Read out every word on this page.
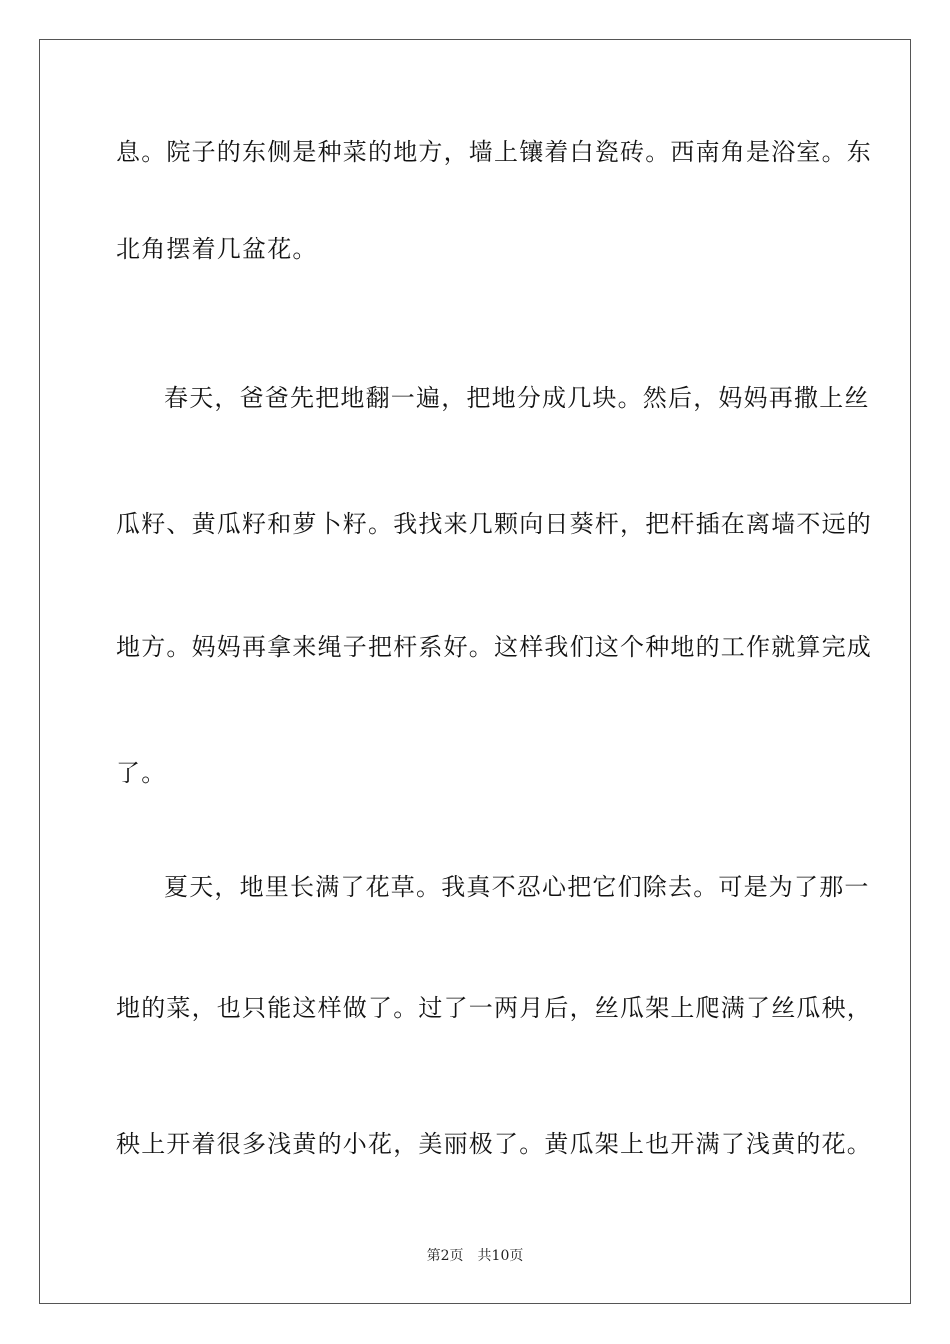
息。院子的东侧是种菜的地方，墙上镶着白瓷砖。西南角是浴室。东
北角摆着几盆花。
春天，爸爸先把地翻一遍，把地分成几块。然后，妈妈再撒上丝
瓜籽、黄瓜籽和萝卜籽。我找来几颗向日葵杆，把杆插在离墙不远的
地方。妈妈再拿来绳子把杆系好。这样我们这个种地的工作就算完成
了。
夏天，地里长满了花草。我真不忍心把它们除去。可是为了那一
地的菜，也只能这样做了。过了一两月后，丝瓜架上爬满了丝瓜秧，
秧上开着很多浅黄的小花，美丽极了。黄瓜架上也开满了浅黄的花。
第2页 共10页
